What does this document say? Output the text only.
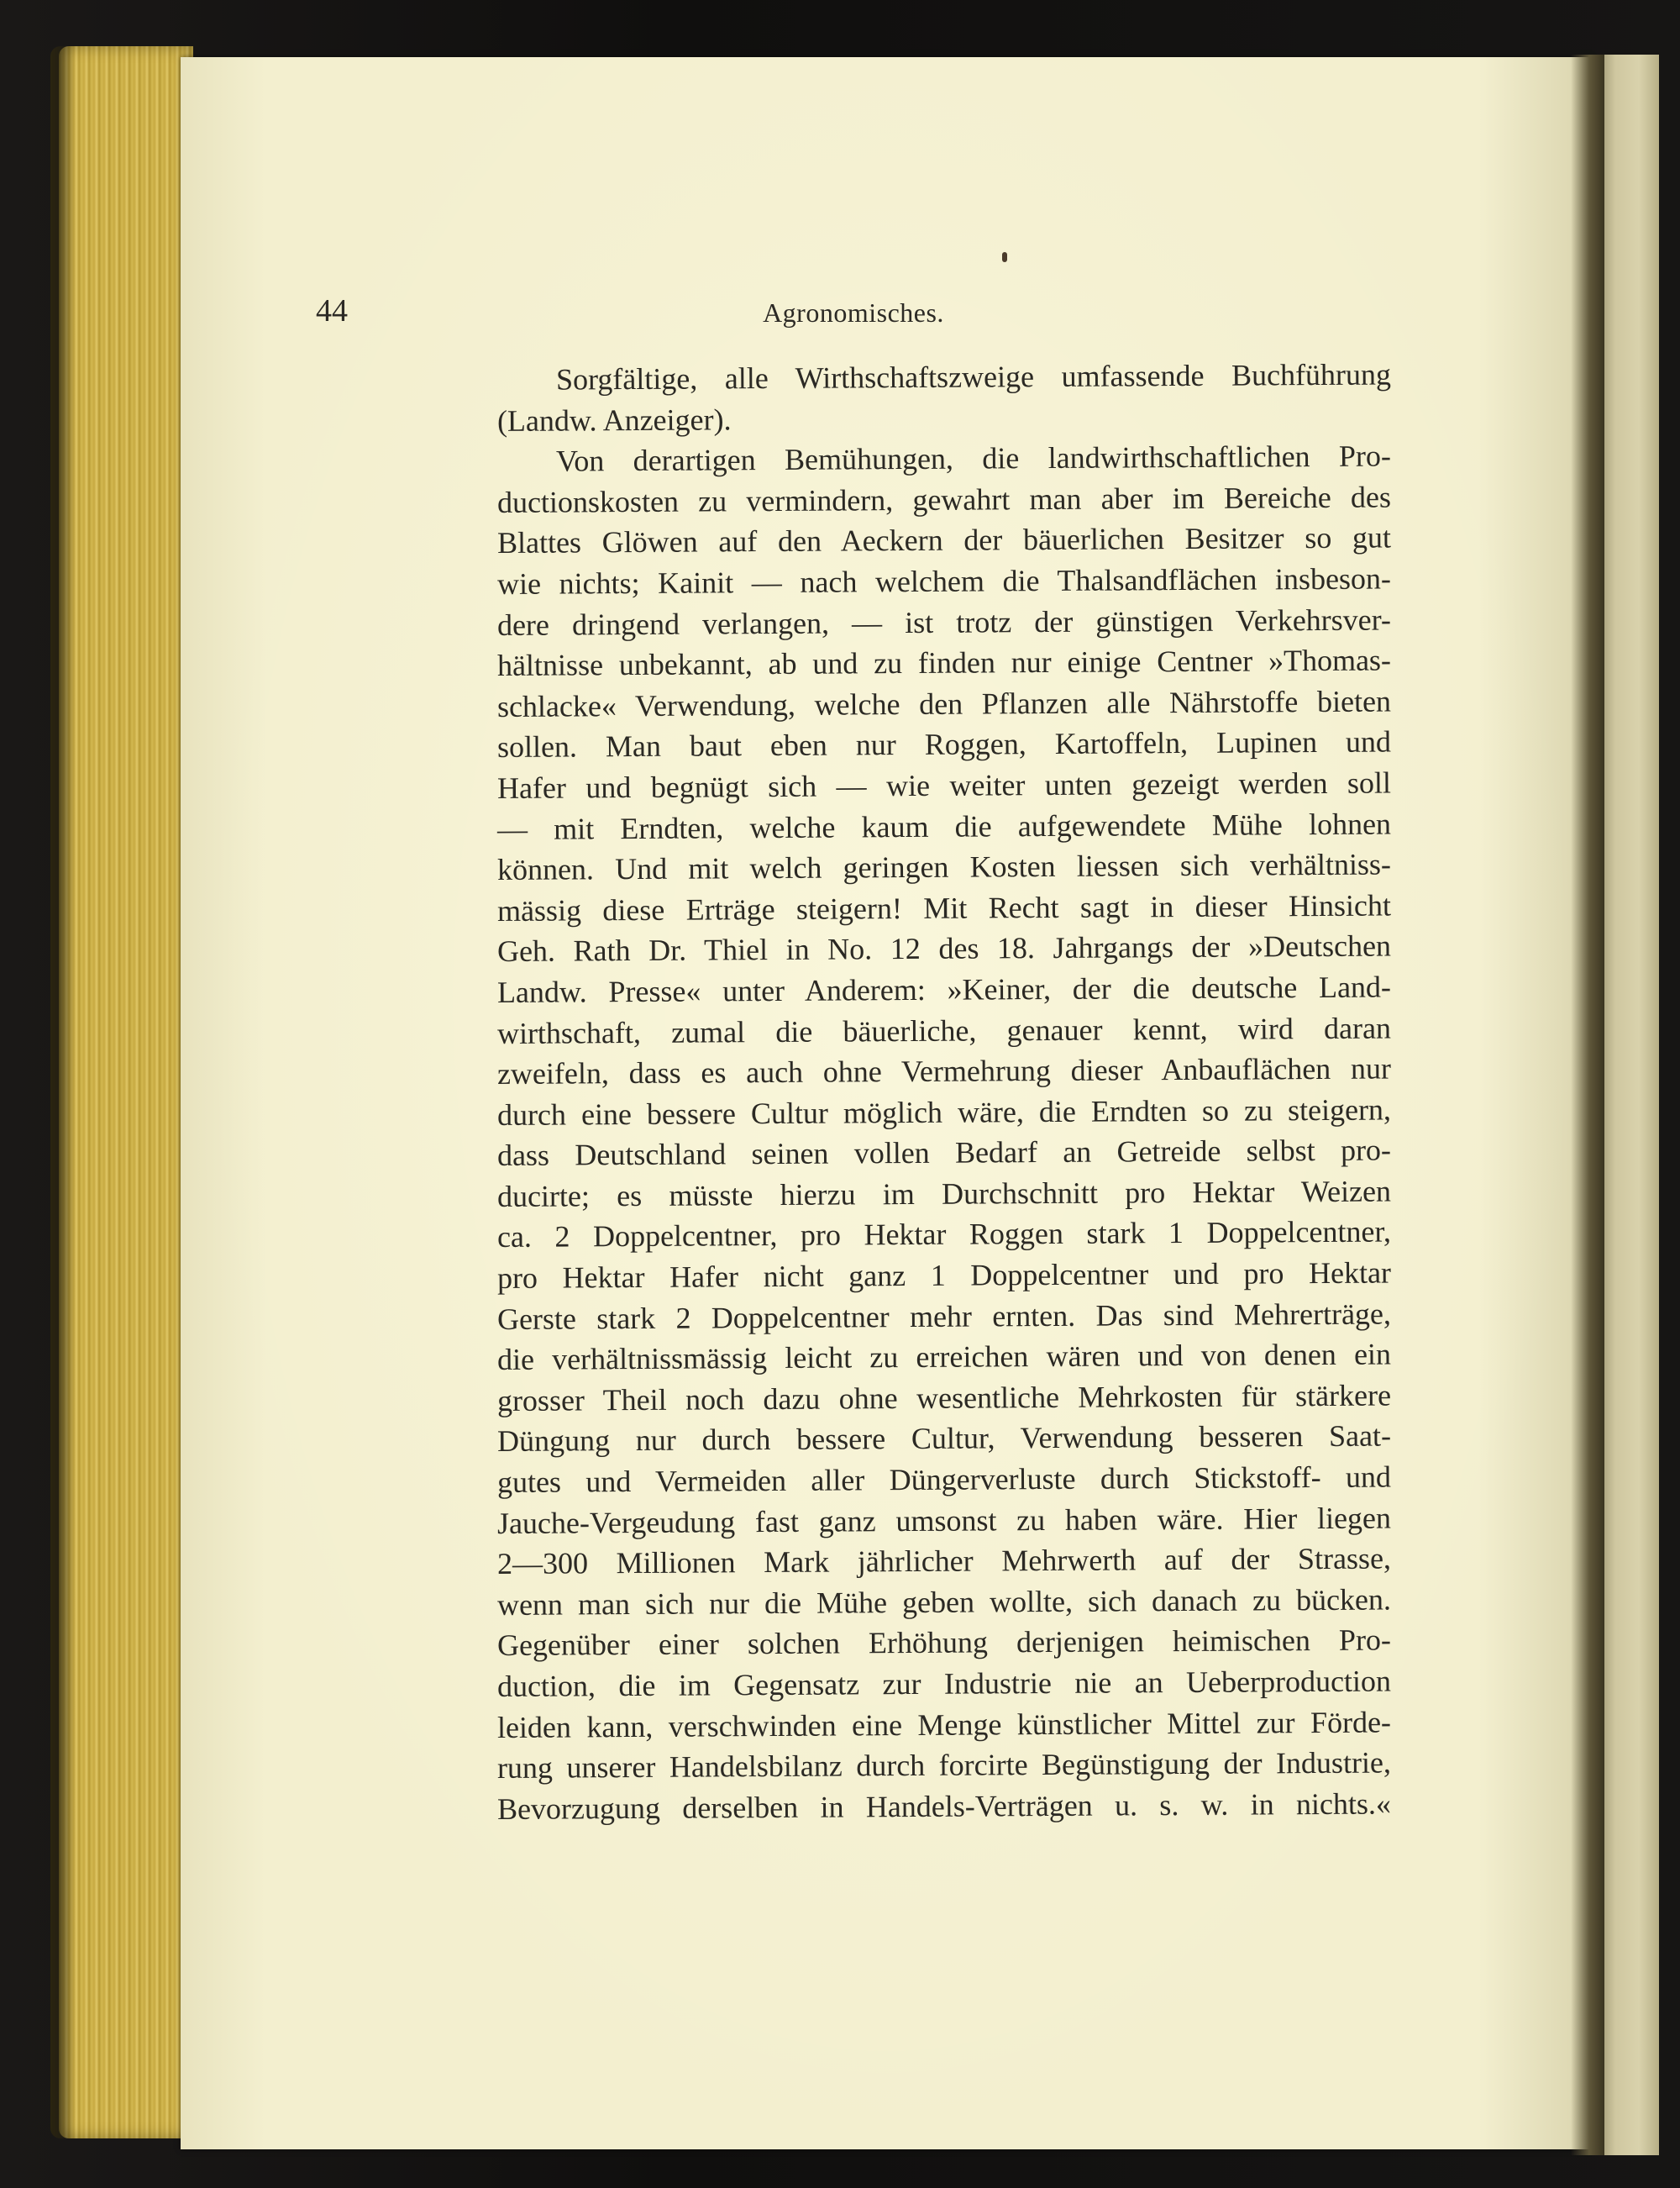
44	Agronomisches.
Sorgfältige, alle Wirthschaftszweige umfassende Buchführung
(Landw. Anzeiger).
Von derartigen Bemühungen, die landwirthschaftlichen Pro-
ductionskosten zu vermindern, gewahrt man aber im Bereiche des
Blattes Glöwen auf den Aeckern der bäuerlichen Besitzer so gut
wie nichts; Kainit — nach welchem die Thalsandflächen insbeson-
dere dringend verlangen, — ist trotz der günstigen Verkehrsver-
hältnisse unbekannt, ab und zu finden nur einige Centner »Thomas-
schlacke« Verwendung, welche den Pflanzen alle Nährstoffe bieten
sollen. Man baut eben nur Roggen, Kartoffeln, Lupinen und
Hafer und begnügt sich — wie weiter unten gezeigt werden soll
— mit Erndten, welche kaum die aufgewendete Mühe lohnen
können. Und mit welch geringen Kosten liessen sich verhältniss-
mässig diese Erträge steigern! Mit Recht sagt in dieser Hinsicht
Geh. Rath Dr. Thiel in No. 12 des 18. Jahrgangs der »Deutschen
Landw. Presse« unter Anderem: »Keiner, der die deutsche Land-
wirthschaft, zumal die bäuerliche, genauer kennt, wird daran
zweifeln, dass es auch ohne Vermehrung dieser Anbauflächen nur
durch eine bessere Cultur möglich wäre, die Erndten so zu steigern,
dass Deutschland seinen vollen Bedarf an Getreide selbst pro-
ducirte; es müsste hierzu im Durchschnitt pro Hektar Weizen
ca. 2 Doppelcentner, pro Hektar Roggen stark 1 Doppelcentner,
pro Hektar Hafer nicht ganz 1 Doppelcentner und pro Hektar
Gerste stark 2 Doppelcentner mehr ernten. Das sind Mehrerträge,
die verhältnissmässig leicht zu erreichen wären und von denen ein
grosser Theil noch dazu ohne wesentliche Mehrkosten für stärkere
Düngung nur durch bessere Cultur, Verwendung besseren Saat-
gutes und Vermeiden aller Düngerverluste durch Stickstoff- und
Jauche-Vergeudung fast ganz umsonst zu haben wäre. Hier liegen
2—300 Millionen Mark jährlicher Mehrwerth auf der Strasse,
wenn man sich nur die Mühe geben wollte, sich danach zu bücken.
Gegenüber einer solchen Erhöhung derjenigen heimischen Pro-
duction, die im Gegensatz zur Industrie nie an Ueberproduction
leiden kann, verschwinden eine Menge künstlicher Mittel zur Förde-
rung unserer Handelsbilanz durch forcirte Begünstigung der Industrie,
Bevorzugung derselben in Handels-Verträgen u. s. w. in nichts.«
